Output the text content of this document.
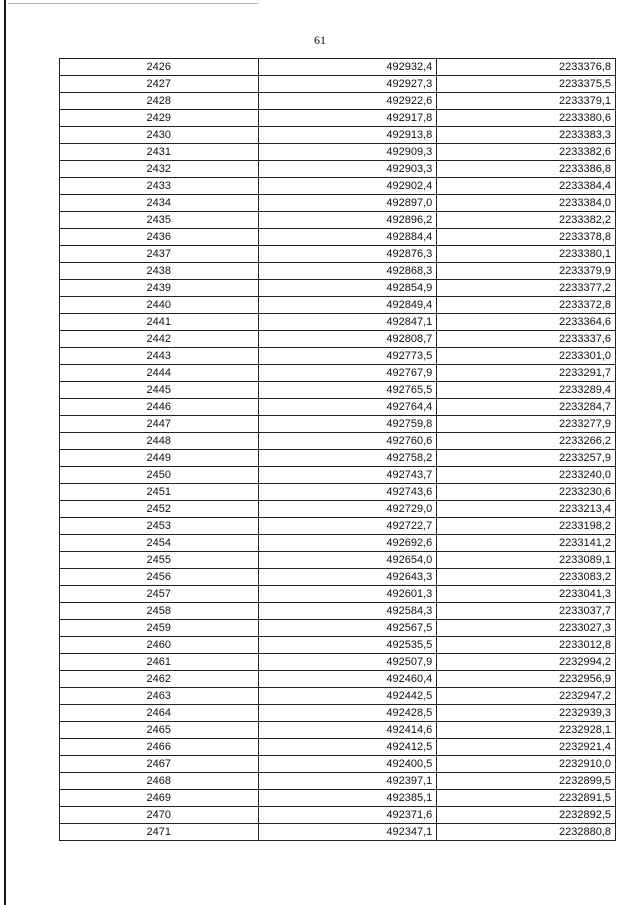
61
2426	492932,4	2233376,8
2427	492927,3	2233375,5
2428	492922,6	2233379,1
2429	492917,8	2233380,6
2430	492913,8	2233383,3
2431	492909,3	2233382,6
2432	492903,3	2233386,8
2433	492902,4	2233384,4
2434	492897,0	2233384,0
2435	492896,2	2233382,2
2436	492884,4	2233378,8
2437	492876,3	2233380,1
2438	492868,3	2233379,9
2439	492854,9	2233377,2
2440	492849,4	2233372,8
2441	492847,1	2233364,6
2442	492808,7	2233337,6
2443	492773,5	2233301,0
2444	492767,9	2233291,7
2445	492765,5	2233289,4
2446	492764,4	2233284,7
2447	492759,8	2233277,9
2448	492760,6	2233266,2
2449	492758,2	2233257,9
2450	492743,7	2233240,0
2451	492743,6	2233230,6
2452	492729,0	2233213,4
2453	492722,7	2233198,2
2454	492692,6	2233141,2
2455	492654,0	2233089,1
2456	492643,3	2233083,2
2457	492601,3	2233041,3
2458	492584,3	2233037,7
2459	492567,5	2233027,3
2460	492535,5	2233012,8
2461	492507,9	2232994,2
2462	492460,4	2232956,9
2463	492442,5	2232947,2
2464	492428,5	2232939,3
2465	492414,6	2232928,1
2466	492412,5	2232921,4
2467	492400,5	2232910,0
2468	492397,1	2232899,5
2469	492385,1	2232891,5
2470	492371,6	2232892,5
2471	492347,1	2232880,8
